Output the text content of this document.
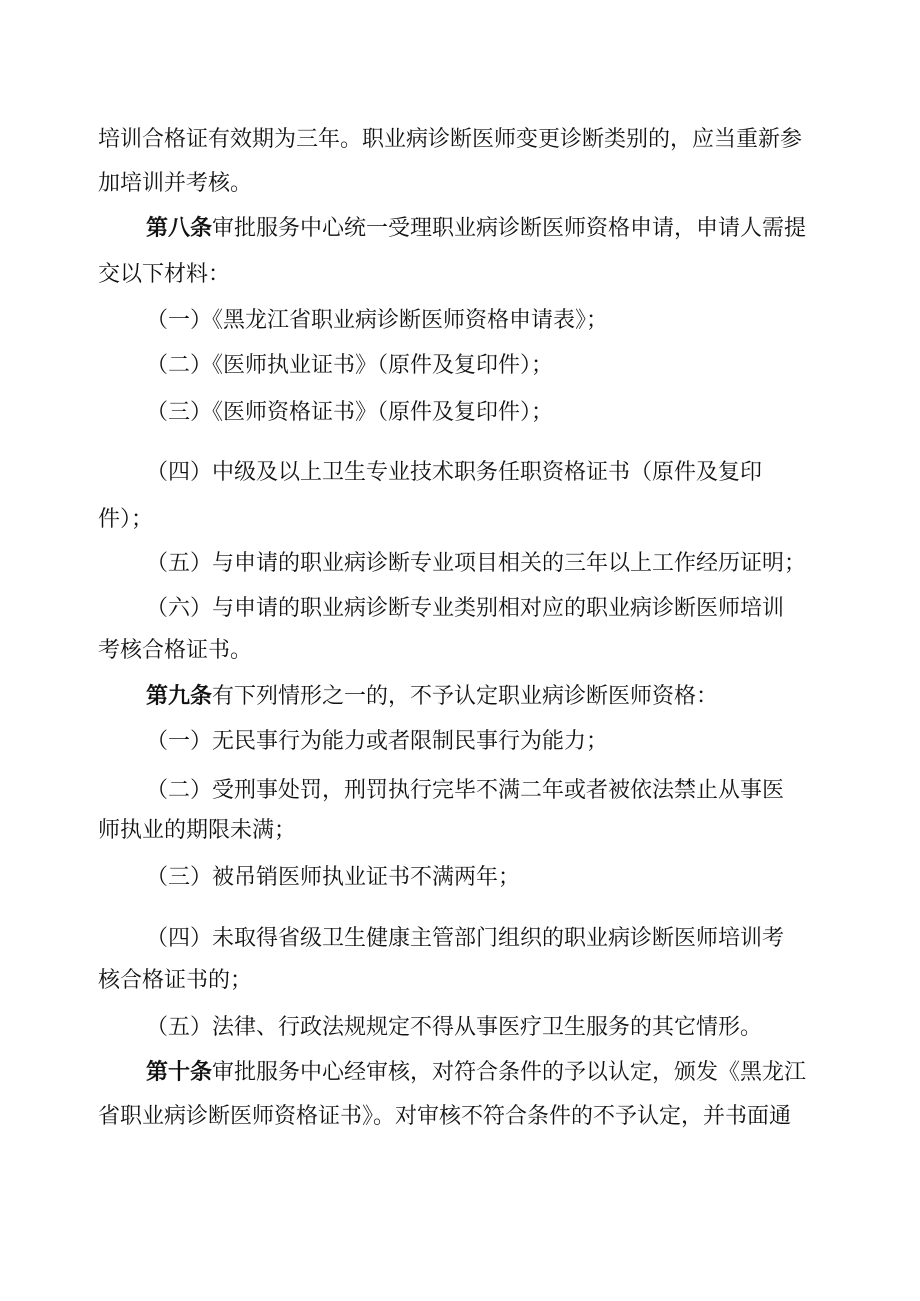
培训合格证有效期为三年。职业病诊断医师变更诊断类别的，应当重新参
加培训并考核。
第八条审批服务中心统一受理职业病诊断医师资格申请，申请人需提
交以下材料：
（一）《黑龙江省职业病诊断医师资格申请表》；
（二）《医师执业证书》（原件及复印件）；
（三）《医师资格证书》（原件及复印件）；
（四）中级及以上卫生专业技术职务任职资格证书（原件及复印
件）；
（五）与申请的职业病诊断专业项目相关的三年以上工作经历证明；
（六）与申请的职业病诊断专业类别相对应的职业病诊断医师培训
考核合格证书。
第九条有下列情形之一的，不予认定职业病诊断医师资格：
（一）无民事行为能力或者限制民事行为能力；
（二）受刑事处罚，刑罚执行完毕不满二年或者被依法禁止从事医
师执业的期限未满；
（三）被吊销医师执业证书不满两年；
（四）未取得省级卫生健康主管部门组织的职业病诊断医师培训考
核合格证书的；
（五）法律、行政法规规定不得从事医疗卫生服务的其它情形。
第十条审批服务中心经审核，对符合条件的予以认定，颁发《黑龙江
省职业病诊断医师资格证书》。对审核不符合条件的不予认定，并书面通
